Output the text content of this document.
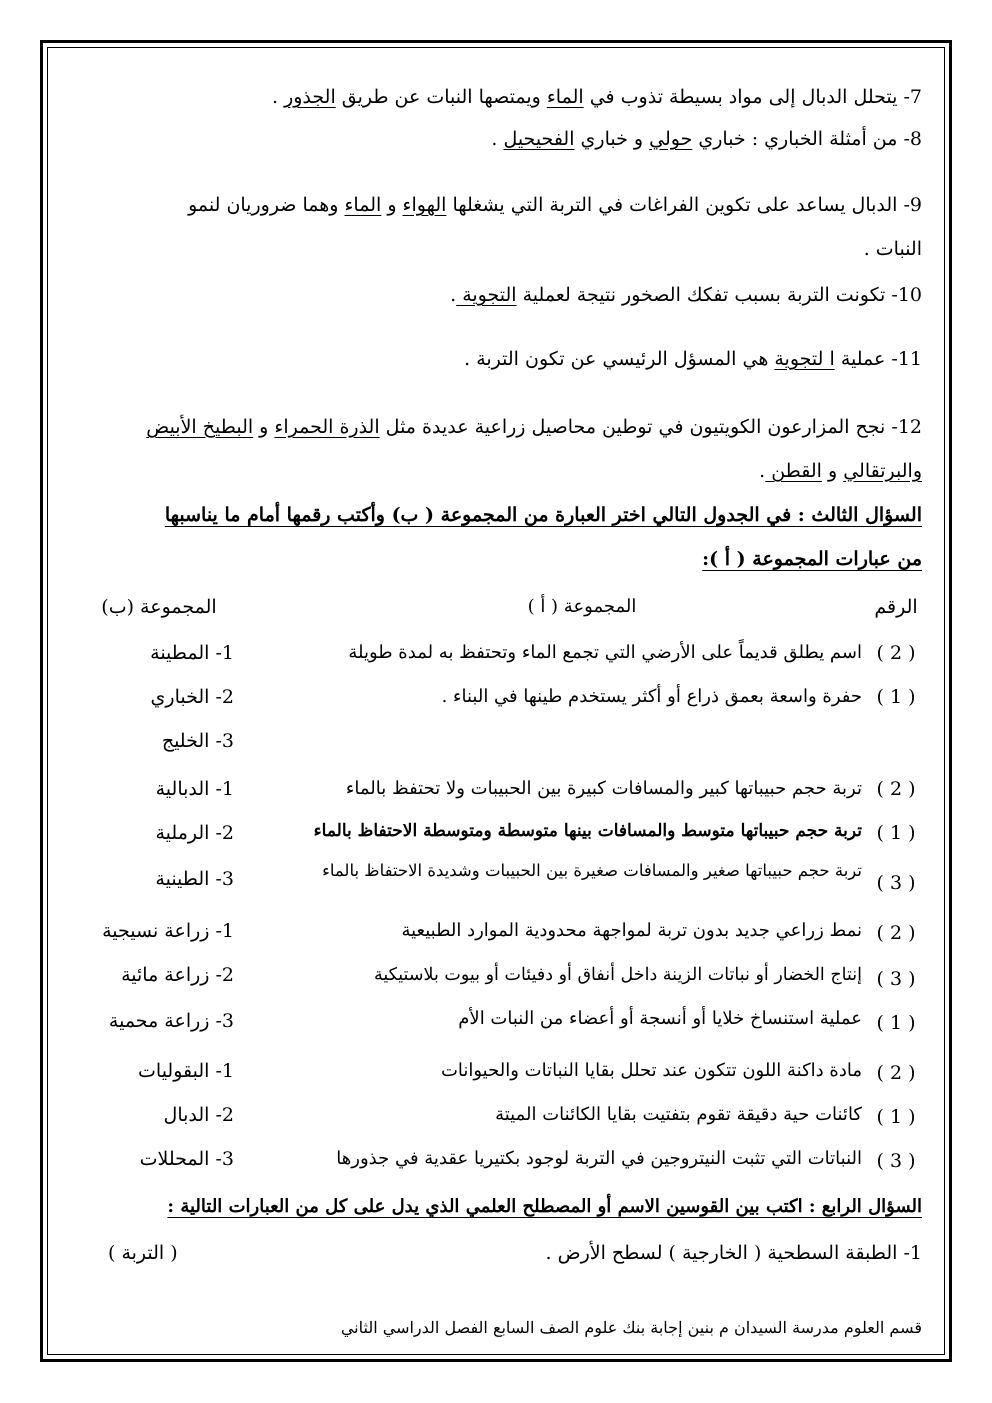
7- يتحلل الدبال إلى مواد بسيطة تذوب في الماء ويمتصها النبات عن طريق الجذور .
8- من أمثلة الخباري : خباري حولي و خباري الفحيحيل .
9- الدبال يساعد على تكوين الفراغات في التربة التي يشغلها الهواء و الماء وهما ضروريان لنمو
النبات .
10- تكونت التربة بسبب تفكك الصخور نتيجة لعملية التجوية .
11- عملية ا لتجوية هي المسؤل الرئيسي عن تكون التربة .
12- نجح المزارعون الكويتيون في توطين محاصيل زراعية عديدة مثل الذرة الحمراء و البطيخ الأبيض
والبرتقالي و القطن .
السؤال الثالث : في الجدول التالي اختر العبارة من المجموعة ( ب) وأكتب رقمها أمام ما يناسبها
من عبارات المجموعة ( أ ):
الرقم
المجموعة ( أ )
المجموعة (ب)
( 2 )
اسم يطلق قديماً على الأرضي التي تجمع الماء وتحتفظ به لمدة طويلة
1- المطينة
( 1 )
حفرة واسعة بعمق ذراع أو أكثر يستخدم طينها في البناء .
2- الخباري
3- الخليج
( 2 )
تربة حجم حبيباتها كبير والمسافات كبيرة بين الحبيبات ولا تحتفظ بالماء
1- الدبالية
( 1 )
تربة حجم حبيباتها متوسط والمسافات بينها متوسطة ومتوسطة الاحتفاظ بالماء
2- الرملية
( 3 )
تربة حجم حبيباتها صغير والمسافات صغيرة بين الحبيبات وشديدة الاحتفاظ بالماء
3- الطينية
( 2 )
نمط زراعي جديد بدون تربة لمواجهة محدودية الموارد الطبيعية
1- زراعة نسيجية
( 3 )
إنتاج الخضار أو نباتات الزينة داخل أنفاق أو دفيئات أو بيوت بلاستيكية
2- زراعة مائية
( 1 )
عملية استنساخ خلايا أو أنسجة أو أعضاء من النبات الأم
3- زراعة محمية
( 2 )
مادة داكنة اللون تتكون عند تحلل بقايا النباتات والحيوانات
1- البقوليات
( 1 )
كائنات حية دقيقة تقوم بتفتيت بقايا الكائنات الميتة
2- الدبال
( 3 )
النباتات التي تثبت النيتروجين في التربة لوجود بكتيريا عقدية في جذورها
3- المحللات
السؤال الرابع : اكتب بين القوسين الاسم أو المصطلح العلمي الذي يدل على كل من العبارات التالية :
1- الطبقة السطحية ( الخارجية ) لسطح الأرض .
( التربة )
قسم العلوم مدرسة السيدان م بنين إجابة بنك علوم الصف السابع الفصل الدراسي الثاني
